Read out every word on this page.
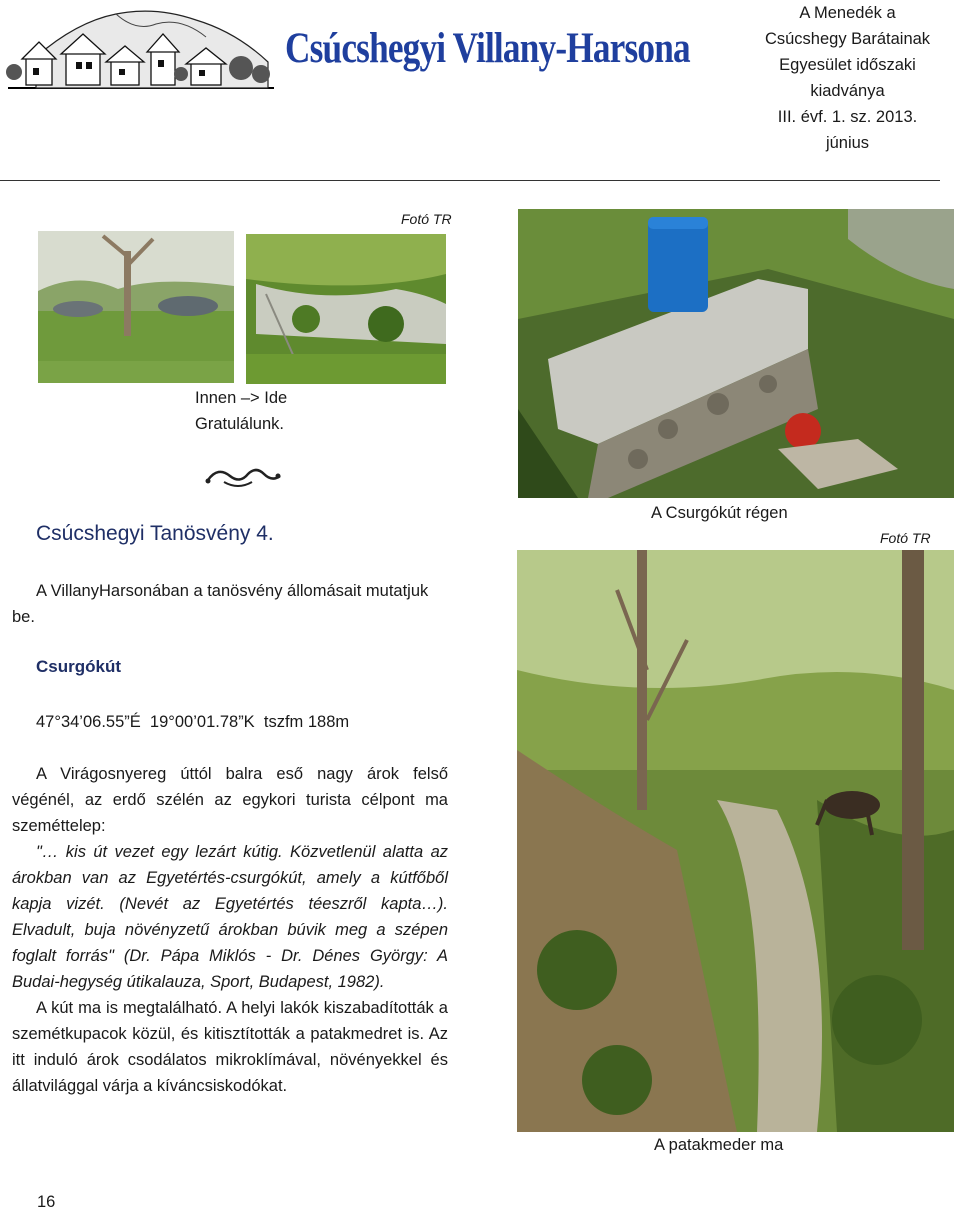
Csúcshegyi Villany-Harsona
A Menedék a
Csúcshegy Barátainak
Egyesület időszaki
kiadványa
III. évf. 1. sz. 2013.
június
Fotó TR
Innen –> Ide
Gratulálunk.
A Csurgókút régen
Fotó TR
A patakmeder ma
Csúcshegyi Tanösvény 4.
A VillanyHarsonában a tanösvény állomásait mutatjuk
be.
Csurgókút
47°34’06.55”É  19°00’01.78”K  tszfm 188m
A Virágosnyereg úttól balra eső nagy árok felső végénél, az erdő szélén az egykori turista célpont ma szeméttelep:
"… kis út vezet egy lezárt kútig. Közvetlenül alatta az árokban van az Egyetértés-csurgókút, amely a kútfőből kapja vizét. (Nevét az Egyetértés téeszről kapta…). Elvadult, buja növényzetű árokban búvik meg a szépen foglalt forrás" (Dr. Pápa Miklós - Dr. Dénes György: A Budai-hegység útikalauza, Sport, Budapest, 1982).
A kút ma is megtalálható. A helyi lakók kiszabadították a szemétkupacok közül, és kitisztították a patakmedret is. Az itt induló árok csodálatos mikroklímával, növényekkel és állatvilággal várja a kíváncsiskodókat.
16
